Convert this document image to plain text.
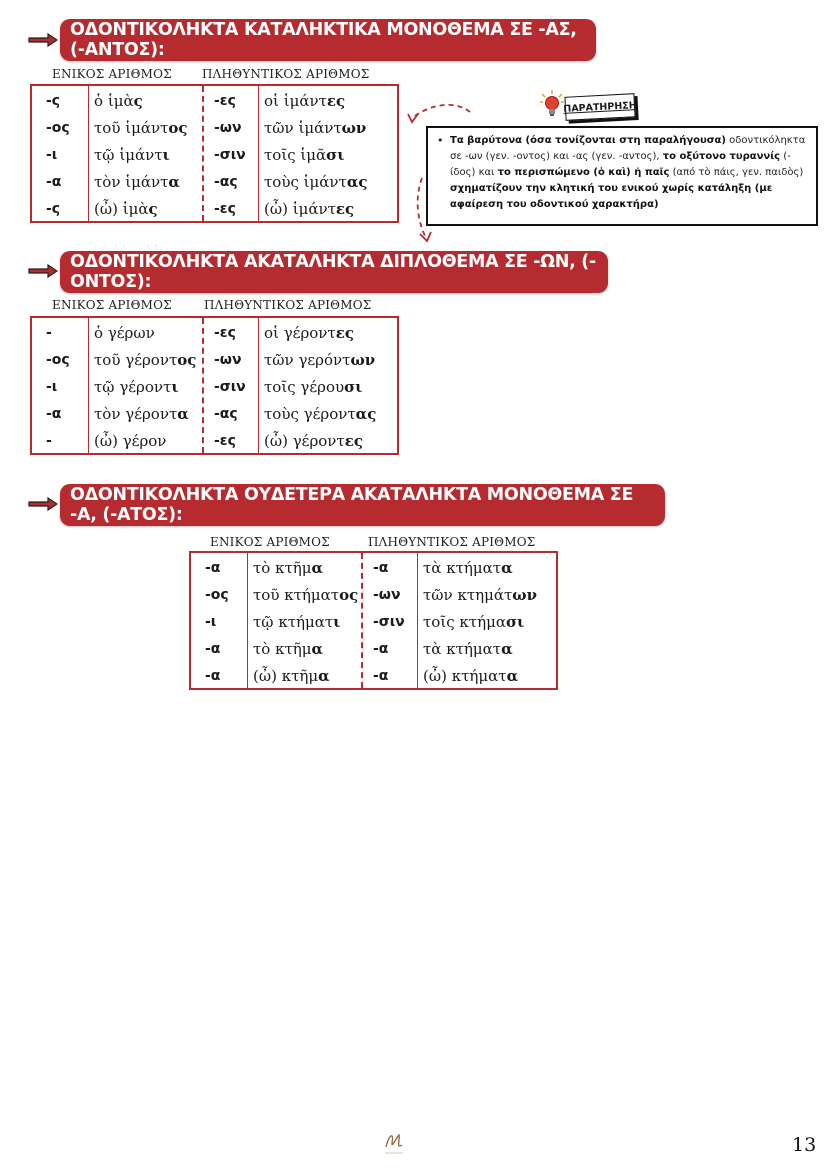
ΟΔΟΝΤΙΚΟΛΗΚΤΑ ΚΑΤΑΛΗΚΤΙΚΑ ΜΟΝΟΘΕΜΑ ΣΕ -ΑΣ, (-ΑΝΤΟΣ):
ΕΝΙΚΟΣ ΑΡΙΘΜΟΣ	ΠΛΗΘΥΝΤΙΚΟΣ ΑΡΙΘΜΟΣ
-ς ὁ ἱμὰς	-ες οἱ ἱμάντες
-ος τοῦ ἱμάντος -ων τῶν ἱμάντων
-ι τῷ ἱμάντι	-σιν τοῖς ἱμᾶσι
-α τὸν ἱμάντα -ας τοὺς ἱμάντας
-ς (ὦ) ἱμὰς	-ες (ὦ) ἱμάντες
ΟΔΟΝΤΙΚΟΛΗΚΤΑ ΑΚΑΤΑΛΗΚΤΑ ΔΙΠΛΟΘΕΜΑ ΣΕ -ΩΝ, (-ΟΝΤΟΣ):
ΕΝΙΚΟΣ ΑΡΙΘΜΟΣ	ΠΛΗΘΥΝΤΙΚΟΣ ΑΡΙΘΜΟΣ
-	ὁ γέρων	-ες οἱ γέροντες
-ος τοῦ γέροντος -ων τῶν γερόντων
-ι τῷ γέροντι	-σιν τοῖς γέρουσι
-α τὸν γέροντα -ας τοὺς γέροντας
-	(ὦ) γέρον	-ες (ὦ) γέροντες
ΟΔΟΝΤΙΚΟΛΗΚΤΑ ΟΥΔΕΤΕΡΑ ΑΚΑΤΑΛΗΚΤΑ ΜΟΝΟΘΕΜΑ ΣΕ -Α, (-ΑΤΟΣ):
ΕΝΙΚΟΣ ΑΡΙΘΜΟΣ	ΠΛΗΘΥΝΤΙΚΟΣ ΑΡΙΘΜΟΣ
-α τὸ κτῆμα	-α τὰ κτήματα
-ος τοῦ κτήματος -ων τῶν κτημάτων
-ι τῷ κτήματι -σιν τοῖς κτήμασι
-α τὸ κτῆμα	-α τὰ κτήματα
-α (ὦ) κτῆμα	-α (ὦ) κτήματα
ΠΑΡΑΤΗΡΗΣΗ
• Τα βαρύτονα (όσα τονίζονται στη παραλήγουσα) οδοντικόληκτα σε -ων (γεν. -οντος) και -ας (γεν. -αντος), το οξύτονο τυραννίς (-ίδος) και το περισπώμενο (ὁ καὶ) ἡ παῖς (από τὸ πάις, γεν. παιδὸς) σχηματίζουν την κλητική του ενικού χωρίς κατάληξη (με αφαίρεση του οδοντικού χαρακτήρα)
13
